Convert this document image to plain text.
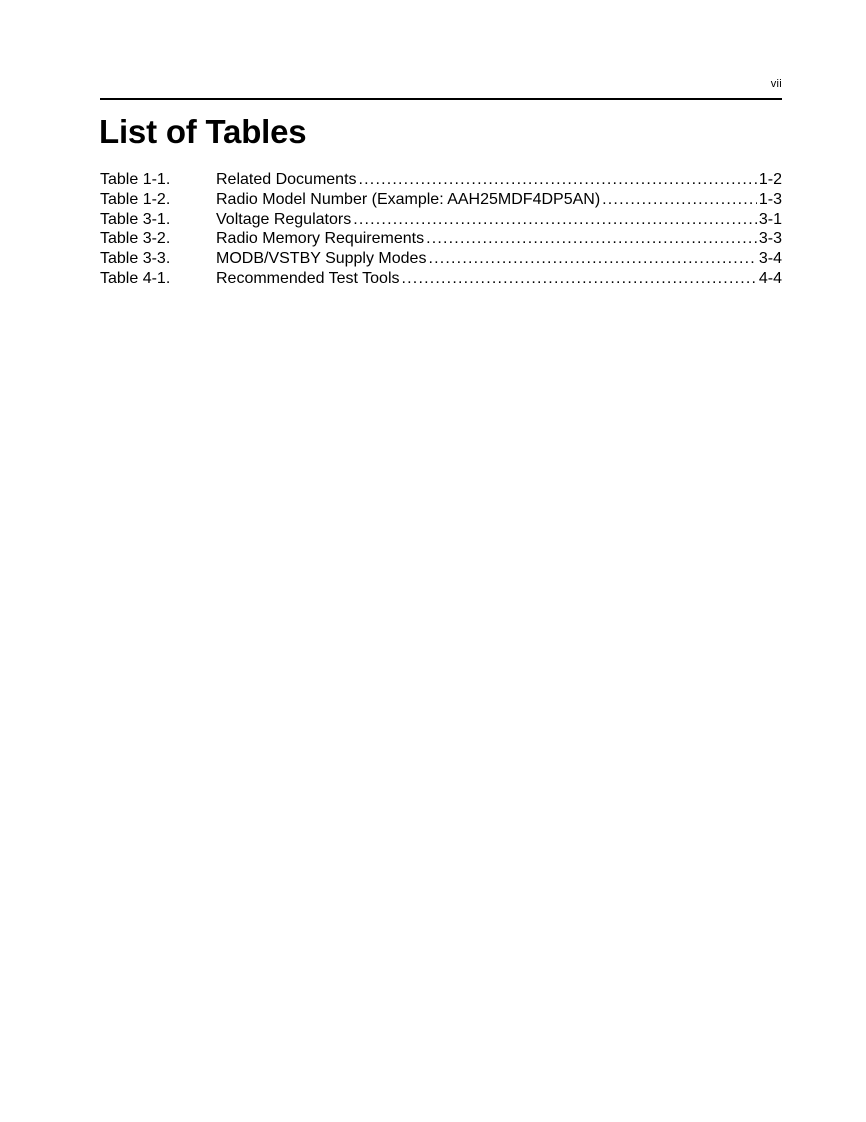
vii
List of Tables
Table 1-1.	Related Documents .....	1-2
Table 1-2.	Radio Model Number (Example: AAH25MDF4DP5AN) .....	1-3
Table 3-1.	Voltage Regulators .....	3-1
Table 3-2.	Radio Memory Requirements .....	3-3
Table 3-3.	MODB/VSTBY Supply Modes .....	3-4
Table 4-1.	Recommended Test Tools .....	4-4
